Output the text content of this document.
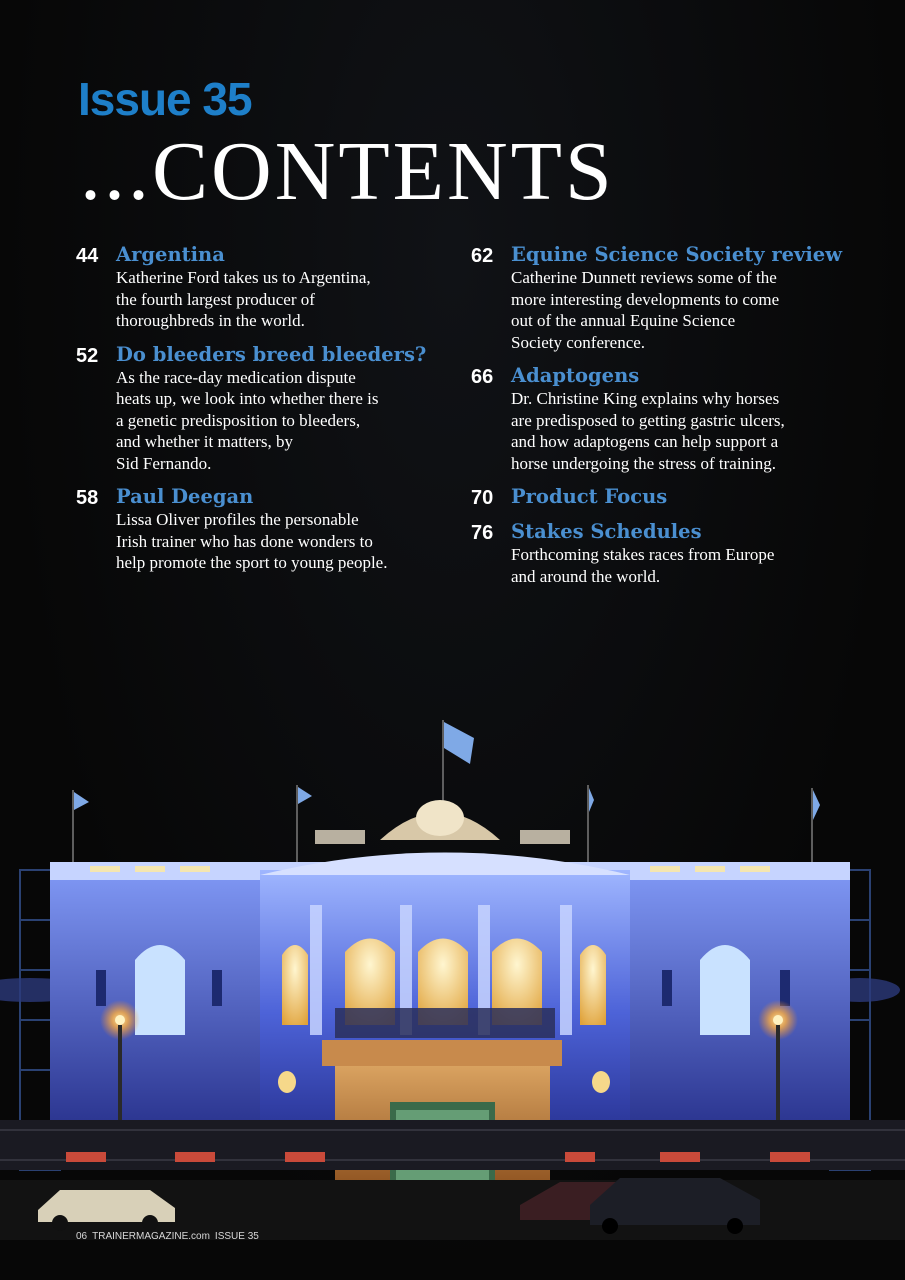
Issue 35
...CONTENTS
44 Argentina
Katherine Ford takes us to Argentina,
the fourth largest producer of
thoroughbreds in the world.
52 Do bleeders breed bleeders?
As the race-day medication dispute
heats up, we look into whether there is
a genetic predisposition to bleeders,
and whether it matters, by
Sid Fernando.
58 Paul Deegan
Lissa Oliver profiles the personable
Irish trainer who has done wonders to
help promote the sport to young people.
62 Equine Science Society review
Catherine Dunnett reviews some of the
more interesting developments to come
out of the annual Equine Science
Society conference.
66 Adaptogens
Dr. Christine King explains why horses
are predisposed to getting gastric ulcers,
and how adaptogens can help support a
horse undergoing the stress of training.
70 Product Focus
76 Stakes Schedules
Forthcoming stakes races from Europe
and around the world.
06 TRAINERMAGAZINE.com ISSUE 35
